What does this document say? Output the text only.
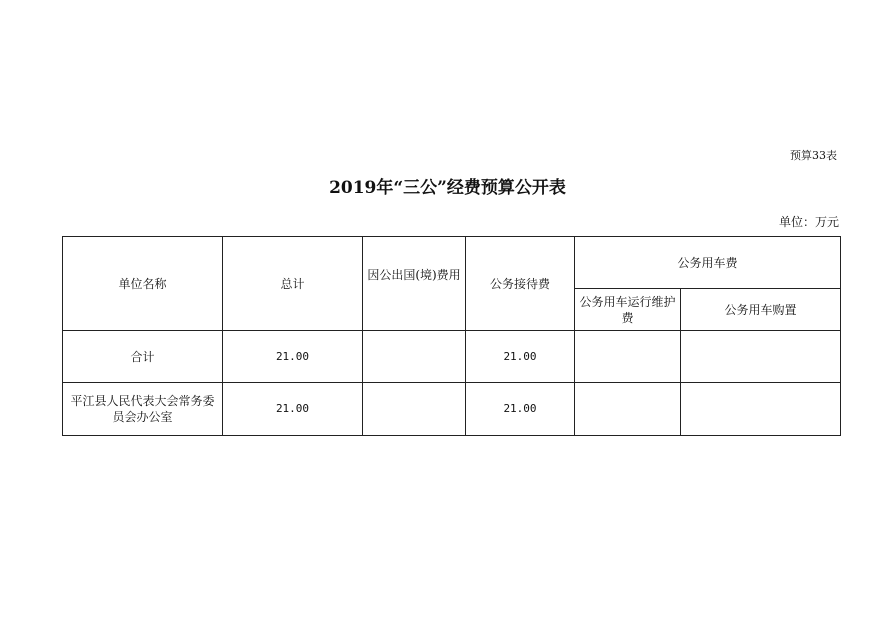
预算33表
2019年“三公”经费预算公开表
单位：万元
单位名称	总计	因公出国(境)费用	公务接待费	公务用车费	
				公务用车运行维护费	公务用车购置
合计	21.00		21.00		
平江县人民代表大会常务委员会办公室	21.00		21.00		
